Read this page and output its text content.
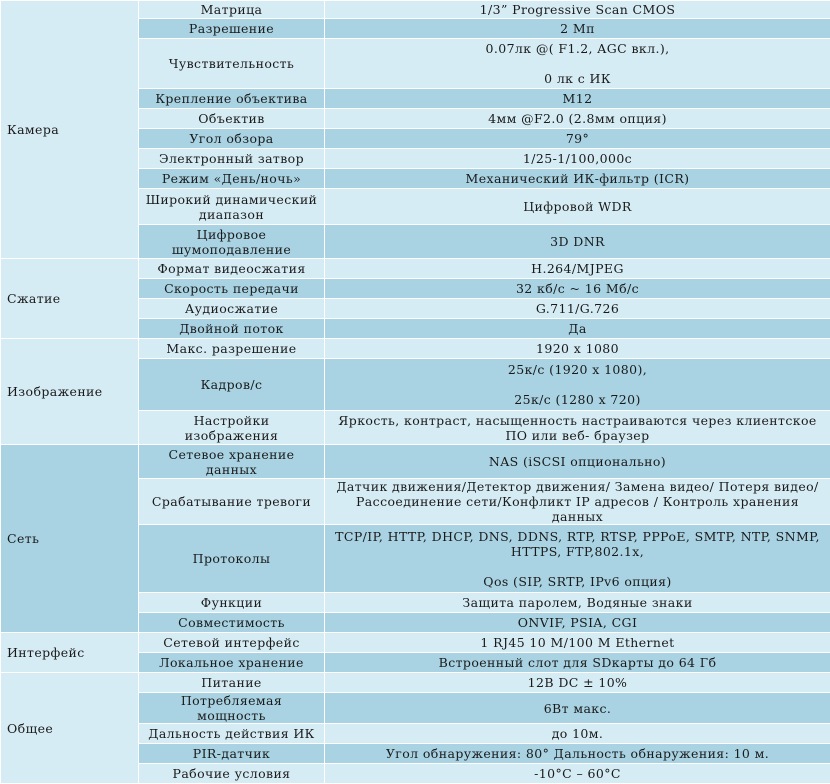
Камера	Матрица	1/3” Progressive Scan CMOS

	Разрешение	2 Мп

	Чувствительность	0.07лк @( F1.2, AGC вкл.),

0 лк с ИК

	Крепление объектива	M12

	Объектив	4мм @F2.0 (2.8мм опция)

	Угол обзора	79°

	Электронный затвор	1/25-1/100,000с

	Режим «День/ночь»	Механический ИК-фильтр (ICR)

	Широкий динамический диапазон	Цифровой WDR

	Цифровое шумоподавление	3D DNR

Сжатие	Формат видеосжатия	H.264/MJPEG

	Скорость передачи	32 кб/с ~ 16 Мб/с

	Аудиосжатие	G.711/G.726

	Двойной поток	Да

Изображение	Макс. разрешение	1920 x 1080

	Кадров/с	25к/с (1920 x 1080),

25к/с (1280 x 720)

	Настройки изображения	Яркость, контраст, насыщенность настраиваются через клиентское ПО или веб- браузер

Сеть	Сетевое хранение данных	NAS (iSCSI опционально)

	Срабатывание тревоги	Датчик движения/Детектор движения/ Замена видео/ Потеря видео/ Рассоединение сети/Конфликт IP адресов / Контроль хранения данных

	Протоколы	TCP/IP, HTTP, DHCP, DNS, DDNS, RTP, RTSP, PPPoE, SMTP, NTP, SNMP, HTTPS, FTP,802.1x,

Qos (SIP, SRTP, IPv6 опция)

	Функции	Защита паролем, Водяные знаки

	Совместимость	ONVIF, PSIA, CGI

Интерфейс	Сетевой интерфейс	1 RJ45 10 M/100 M Ethernet

	Локальное хранение	Встроенный слот для SDкарты до 64 Гб

Общее	Питание	12В DC ± 10%

	Потребляемая мощность	6Вт макс.

	Дальность действия ИК	до 10м.

	PIR-датчик	Угол обнаружения: 80° Дальность обнаружения: 10 м.

	Рабочие условия	-10°C – 60°C
